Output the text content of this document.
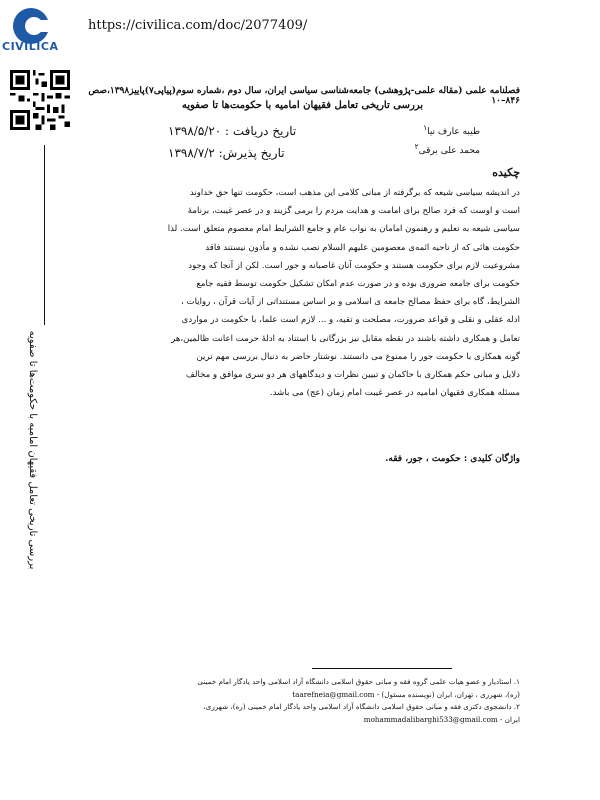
CIVILICA
https://civilica.com/doc/2077409/
بررسی تاریخی تعامل فقیهان امامیه با حکومت‌ها تا صفویه
فصلنامه علمی (مقاله علمی-پژوهشی) جامعه‌شناسی سیاسی ایران، سال دوم ،شماره سوم(پیاپی۷)پاییز۱۳۹۸،صص ۸۴۶–۱۰
بررسی تاریخی تعامل فقیهان امامیه با حکومت‌ها تا صفویه
طیبه عارف نیا$^۱$
محمد علی برقی$^۲$
تاریخ دریافت : ۱۳۹۸/۵/۲۰
تاریخ پذیرش: ۱۳۹۸/۷/۲
چکیده
در اندیشه سیاسی شیعه که برگرفته از مبانی کلامی این مذهب است، حکومت تنها حق خداوند
است و اوست که فرد صالح برای امامت و هدایت مردم را برمی گزیند و در عصر غیبت، برنامهٔ
سیاسی شیعه به تعلیم و رهنمون امامان به نواب عام و جامع الشرایط امام معصوم متعلق است. لذا
حکومت هائی که از ناحیه ائمه‌ی معصومین علیهم السلام نصب نشده و مأذون نیستند فاقد
مشروعیت لازم برای حکومت هستند و حکومت آنان غاصبانه و جور است. لکن از آنجا که وجود
حکومت برای جامعه ضروری بوده و در صورت عدم امکان تشکیل حکومت توسط فقیه جامع
الشرایط، گاه برای حفظ مصالح جامعه ی اسلامی و بر اساس مستنداتی از آیات قرآن ، روایات ،
ادله عقلی و نقلی و قواعد ضرورت، مصلحت و تقیه، و ... لازم است علما، با حکومت در مواردی
تعامل و همکاری داشته باشند در نقطه مقابل نیز بزرگانی با استناد به ادلهٔ حرمت اعانت ظالمین،هر
گونه همکاری با حکومت جور را ممنوع می دانستند. نوشتار حاضر به دنبال بررسی مهم ترین
دلایل و مبانی حکم همکاری با حاکمان و تبیین نظرات و دیدگاههای هر دو سری موافق و مخالف
مسئله همکاری فقیهان امامیه در عصر غیبت امام زمان (عج) می باشد.
واژگان کلیدی : حکومت ، جور، فقه.

۱. استادیار و عضو هیات علمی گروه فقه و مبانی حقوق اسلامی دانشگاه آزاد اسلامی واحد یادگار امام خمینی

(ره)، شهرری ، تهران، ایران (نویسنده مسئول) - taarefneia@gmail.com

۲. دانشجوی دکتری فقه و مبانی حقوق اسلامی دانشگاه آزاد اسلامی واحد یادگار امام خمینی (ره)، شهرری،

ایران - mohammadalibarghi533@gmail.com
